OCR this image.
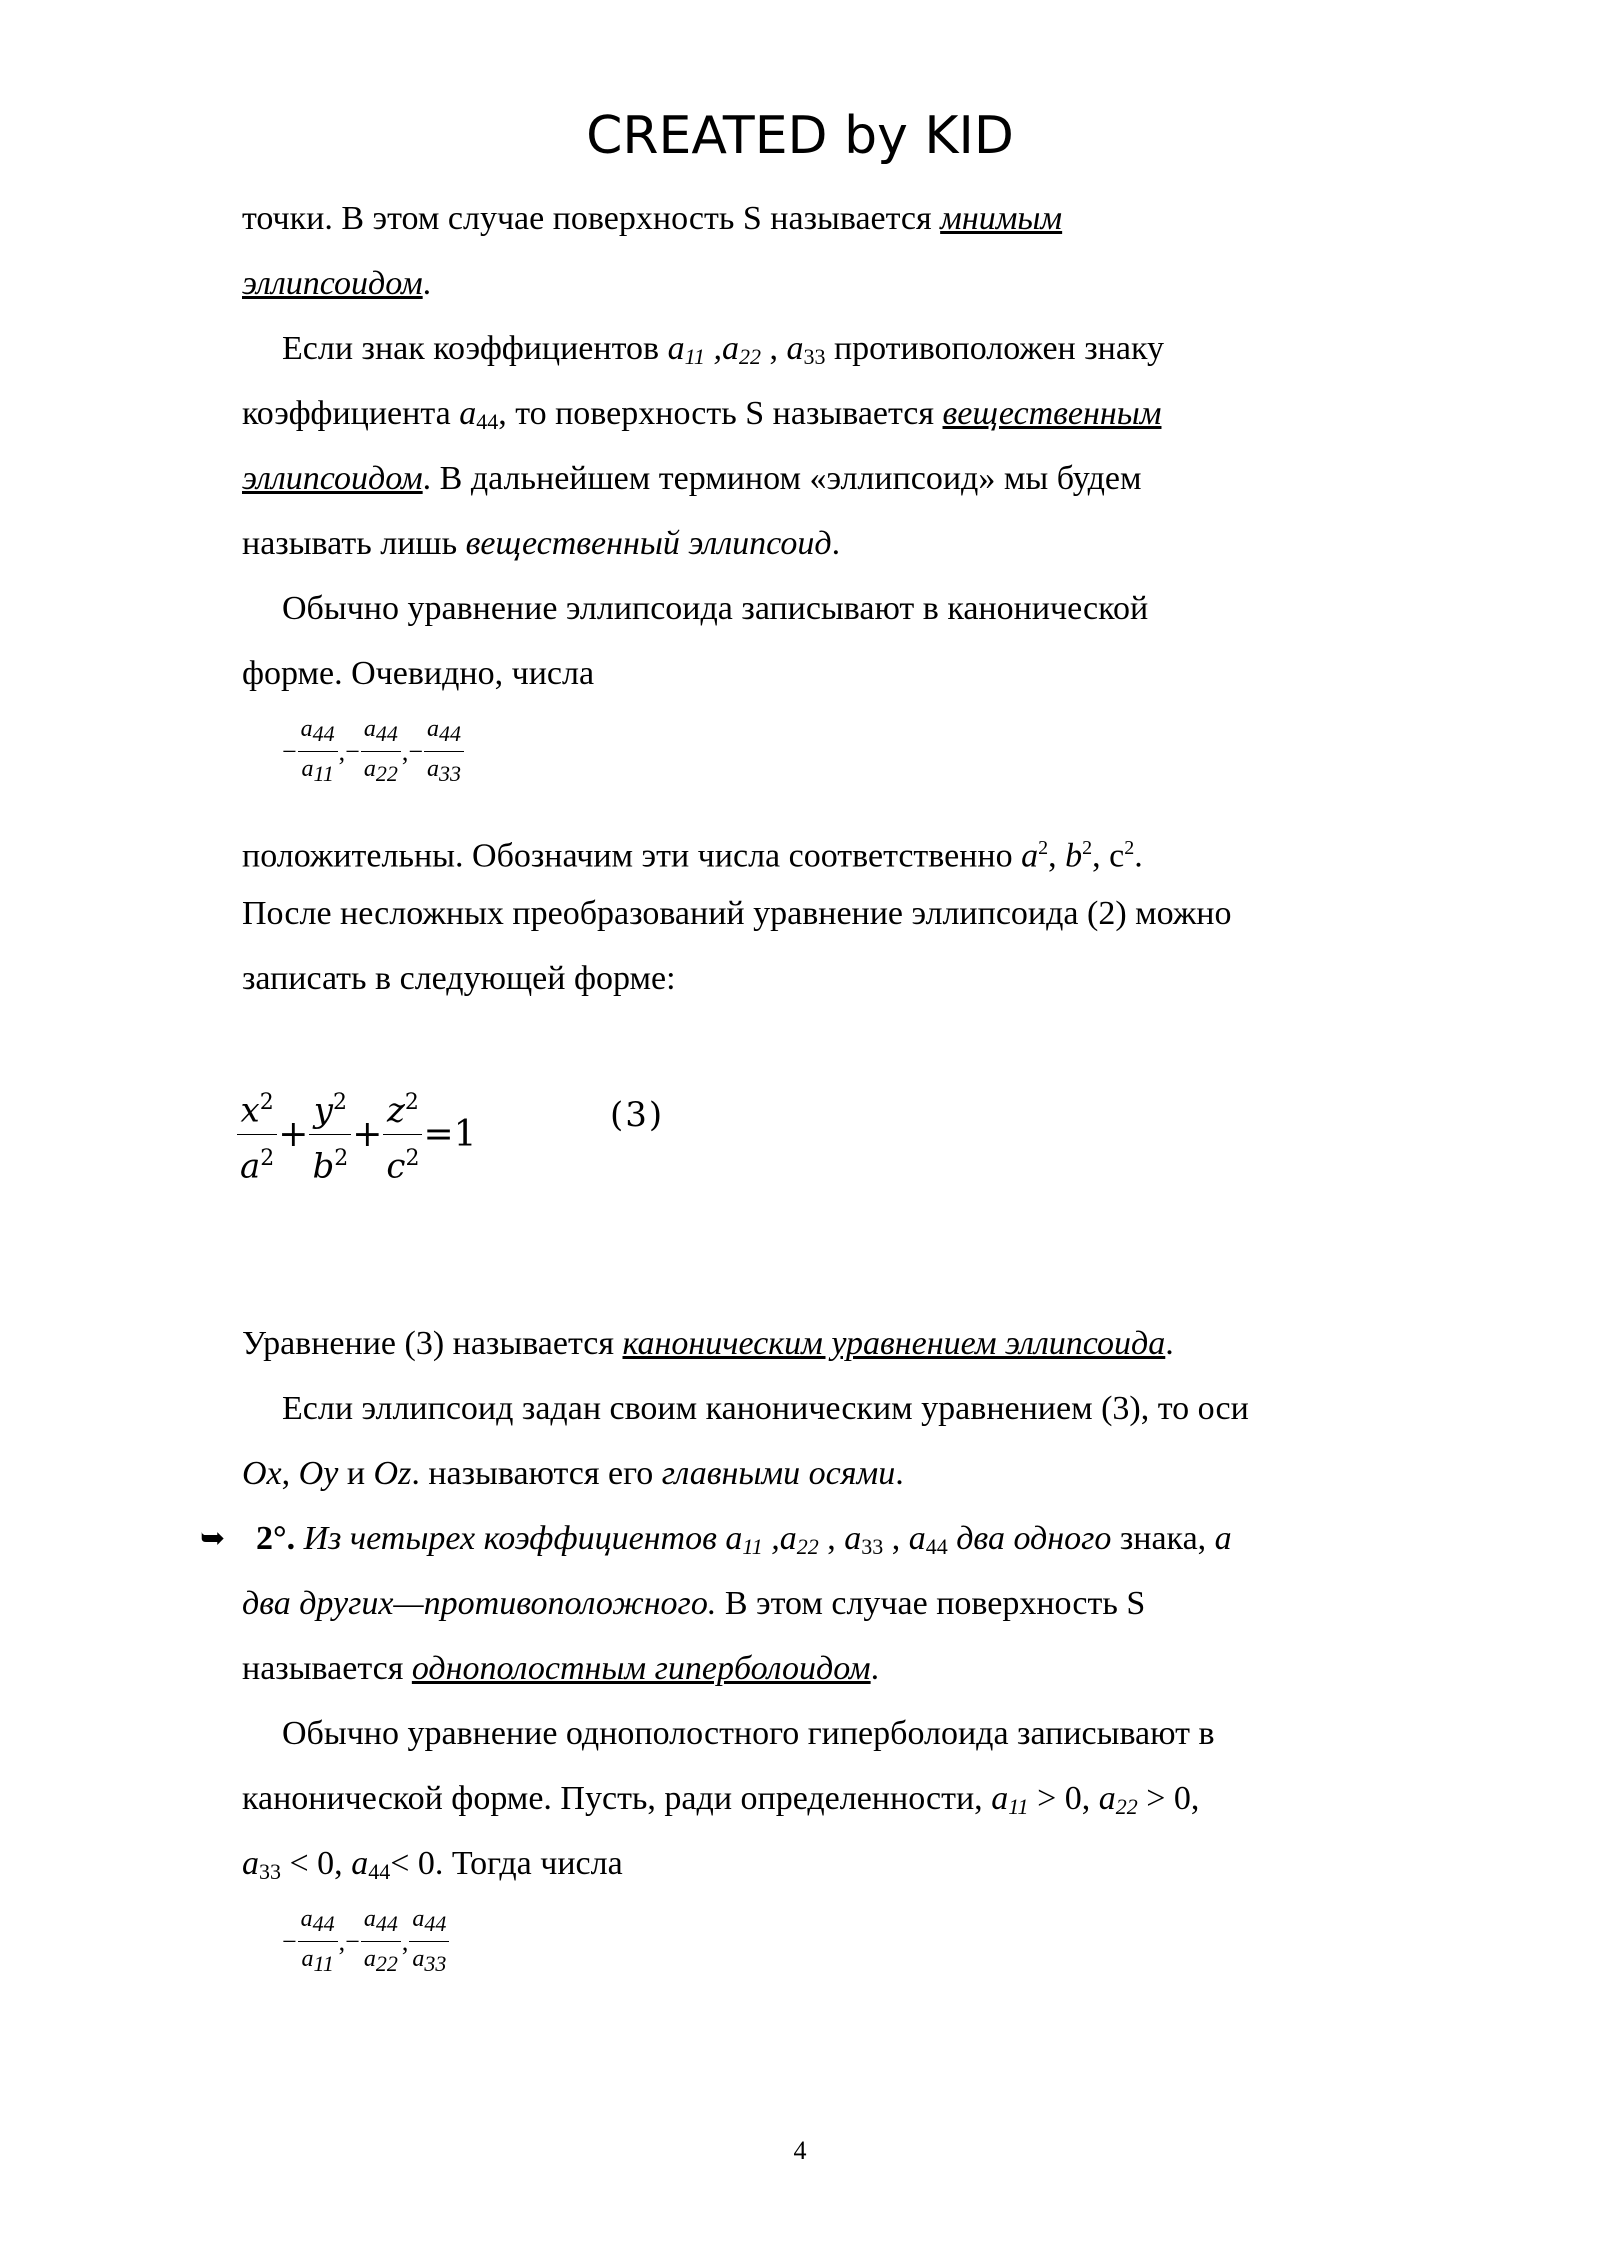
CREATED by KID
точки. В этом случае поверхность S называется мнимым
эллипсоидом.
Если знак коэффициентов $a_{11}$ $,a_{22}$ , $a_{33}$ противоположен знаку
коэффициента $a_{44}$, то поверхность S называется вещественным
эллипсоидом. В дальнейшем термином «эллипсоид» мы будем
называть лишь вещественный эллипсоид.
Обычно уравнение эллипсоида записывают в канонической
форме. Очевидно, числа
− $\frac{a44}{a11}$ ,− $\frac{a44}{a22}$ ,− $\frac{a44}{a33}$
положительны. Обозначим эти числа соответственно $a^2$, $b^2$, $c^2$.
После несложных преобразований уравнение эллипсоида (2) можно
записать в следующей форме:
$\frac{x^2}{a^2} + \frac{y^2}{b^2} + \frac{z^2}{c^2} =1$	(3)
Уравнение (3) называется каноническим уравнением эллипсоида.
Если эллипсоид задан своим каноническим уравнением (3), то оси
Ox, Oy и Oz. называются его главными осями.
➥ 2°. Из четырех коэффициентов $a_{11}$ $,a_{22}$ , $a_{33}$ , $a_{44}$ два одного знака, а
два других—противоположного. В этом случае поверхность S
называется однополостным гиперболоидом.
Обычно уравнение однополостного гиперболоида записывают в
канонической форме. Пусть, ради определенности, $a_{11} > 0$, $a_{22} > 0$,
$a_{33} < 0$, $a_{44}< 0$. Тогда числа
− $\frac{a44}{a11}$ ,− $\frac{a44}{a22}$ , $\frac{a44}{a33}$
4
